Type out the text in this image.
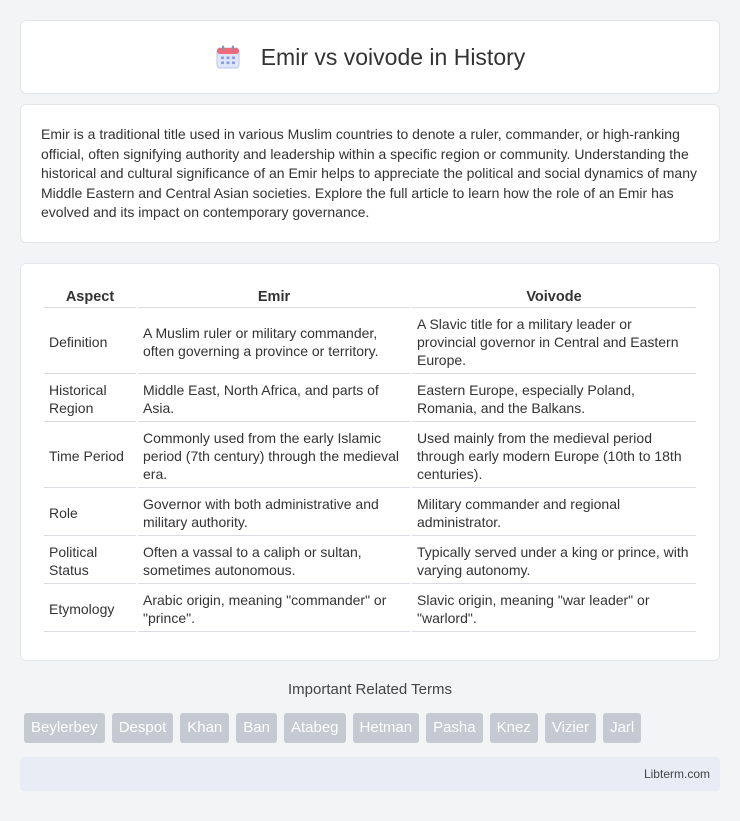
Emir vs voivode in History

Emir is a traditional title used in various Muslim countries to denote a ruler, commander, or high-ranking official, often signifying authority and leadership within a specific region or community. Understanding the historical and cultural significance of an Emir helps to appreciate the political and social dynamics of many Middle Eastern and Central Asian societies. Explore the full article to learn how the role of an Emir has evolved and its impact on contemporary governance.

Aspect	Emir	Voivode
Definition	A Muslim ruler or military commander, often governing a province or territory.	A Slavic title for a military leader or provincial governor in Central and Eastern Europe.
Historical Region	Middle East, North Africa, and parts of Asia.	Eastern Europe, especially Poland, Romania, and the Balkans.
Time Period	Commonly used from the early Islamic period (7th century) through the medieval era.	Used mainly from the medieval period through early modern Europe (10th to 18th centuries).
Role	Governor with both administrative and military authority.	Military commander and regional administrator.
Political Status	Often a vassal to a caliph or sultan, sometimes autonomous.	Typically served under a king or prince, with varying autonomy.
Etymology	Arabic origin, meaning "commander" or "prince".	Slavic origin, meaning "war leader" or "warlord".
Important Related Terms
Beylerbey	Despot	Khan	Ban	Atabeg	Hetman	Pasha	Knez	Vizier	Jarl
Libterm.com
